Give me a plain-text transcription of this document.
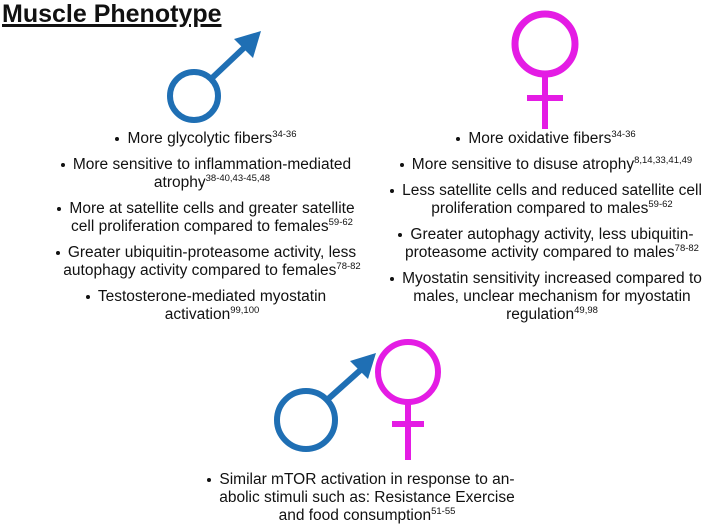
Muscle Phenotype
More glycolytic fibers$^{34-36}$
More sensitive to inflammation-mediated atrophy$^{38-40,43-45,48}$
More at satellite cells and greater satellite cell proliferation compared to females$^{59-62}$
Greater ubiquitin-proteasome activity, less autophagy activity compared to females$^{78-82}$
Testosterone-mediated myostatin activation$^{99,100}$
More oxidative fibers$^{34-36}$
More sensitive to disuse atrophy$^{8,14,33,41,49}$
Less satellite cells and reduced satellite cell proliferation compared to males$^{59-62}$
Greater autophagy activity, less ubiquitin-proteasome activity compared to males$^{78-82}$
Myostatin sensitivity increased compared to males, unclear mechanism for myostatin regulation$^{49,98}$
Similar mTOR activation in response to an-abolic stimuli such as: Resistance Exercise and food consumption$^{51-55}$
